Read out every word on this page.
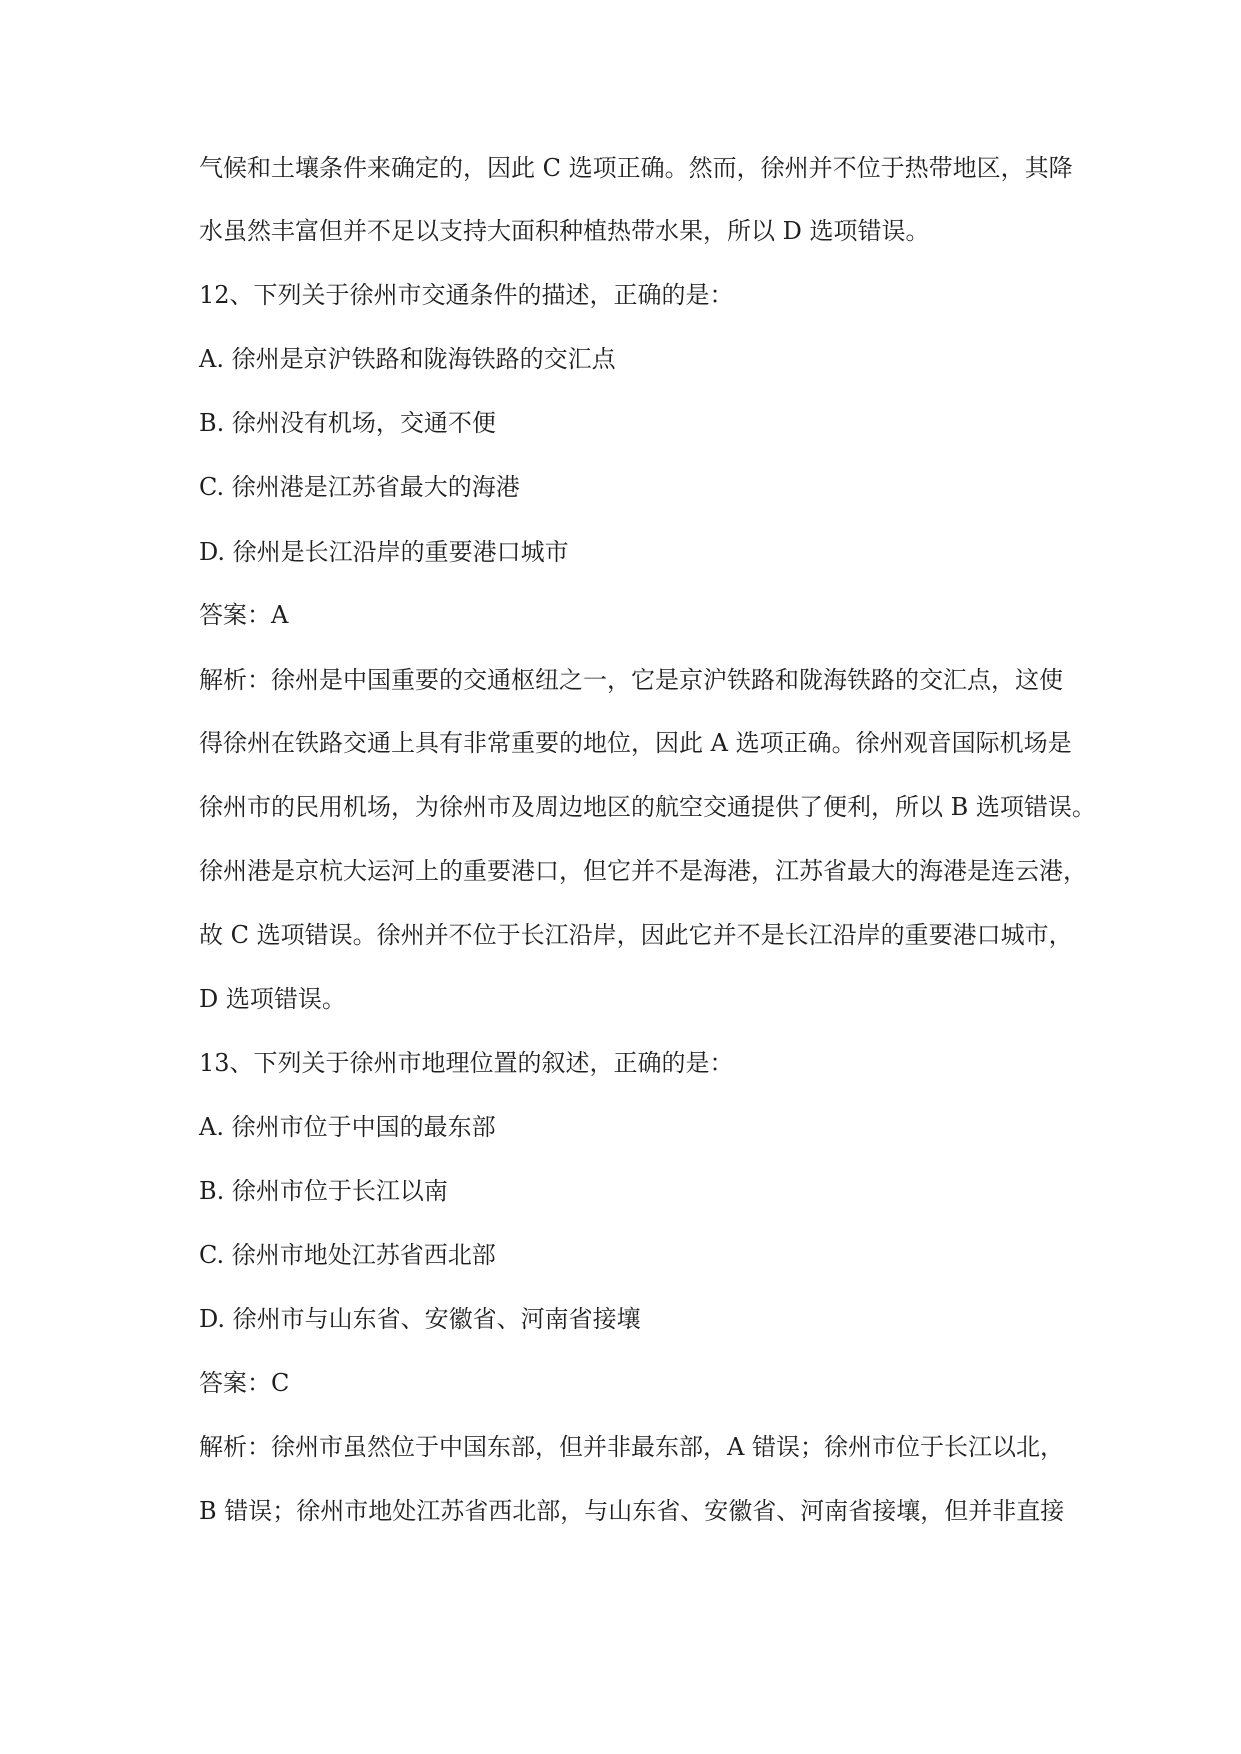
气候和土壤条件来确定的，因此 C 选项正确。然而，徐州并不位于热带地区，其降
水虽然丰富但并不足以支持大面积种植热带水果，所以 D 选项错误。
12、下列关于徐州市交通条件的描述，正确的是：
A. 徐州是京沪铁路和陇海铁路的交汇点
B. 徐州没有机场，交通不便
C. 徐州港是江苏省最大的海港
D. 徐州是长江沿岸的重要港口城市
答案：A
解析：徐州是中国重要的交通枢纽之一，它是京沪铁路和陇海铁路的交汇点，这使
得徐州在铁路交通上具有非常重要的地位，因此 A 选项正确。徐州观音国际机场是
徐州市的民用机场，为徐州市及周边地区的航空交通提供了便利，所以 B 选项错误。
徐州港是京杭大运河上的重要港口，但它并不是海港，江苏省最大的海港是连云港，
故 C 选项错误。徐州并不位于长江沿岸，因此它并不是长江沿岸的重要港口城市，
D 选项错误。
13、下列关于徐州市地理位置的叙述，正确的是：
A. 徐州市位于中国的最东部
B. 徐州市位于长江以南
C. 徐州市地处江苏省西北部
D. 徐州市与山东省、安徽省、河南省接壤
答案：C
解析：徐州市虽然位于中国东部，但并非最东部，A 错误；徐州市位于长江以北，
B 错误；徐州市地处江苏省西北部，与山东省、安徽省、河南省接壤，但并非直接
